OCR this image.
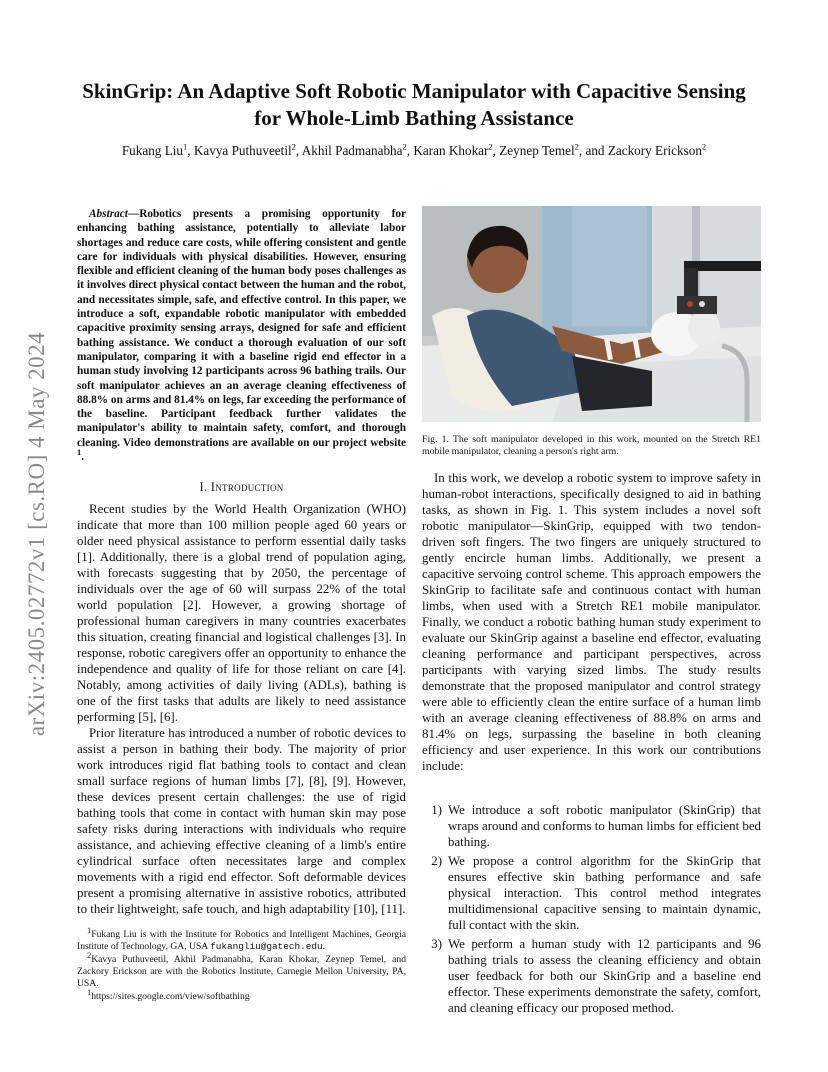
arXiv:2405.02772v1 [cs.RO] 4 May 2024
SkinGrip: An Adaptive Soft Robotic Manipulator with Capacitive Sensing for Whole-Limb Bathing Assistance

Fukang Liu$^1$, Kavya Puthuveetil$^2$, Akhil Padmanabha$^2$, Karan Khokar$^2$, Zeynep Temel$^2$, and Zackory Erickson$^2$

Abstract—Robotics presents a promising opportunity for enhancing bathing assistance, potentially to alleviate labor shortages and reduce care costs, while offering consistent and gentle care for individuals with physical disabilities. However, ensuring flexible and efficient cleaning of the human body poses challenges as it involves direct physical contact between the human and the robot, and necessitates simple, safe, and effective control. In this paper, we introduce a soft, expandable robotic manipulator with embedded capacitive proximity sensing arrays, designed for safe and efficient bathing assistance. We conduct a thorough evaluation of our soft manipulator, comparing it with a baseline rigid end effector in a human study involving 12 participants across 96 bathing trails. Our soft manipulator achieves an an average cleaning effectiveness of 88.8% on arms and 81.4% on legs, far exceeding the performance of the baseline. Participant feedback further validates the manipulator's ability to maintain safety, comfort, and thorough cleaning. Video demonstrations are available on our project website $^1$.

I. Introduction

Recent studies by the World Health Organization (WHO) indicate that more than 100 million people aged 60 years or older need physical assistance to perform essential daily tasks [1]. Additionally, there is a global trend of population aging, with forecasts suggesting that by 2050, the percentage of individuals over the age of 60 will surpass 22% of the total world population [2]. However, a growing shortage of professional human caregivers in many countries exacerbates this situation, creating financial and logistical challenges [3]. In response, robotic caregivers offer an opportunity to enhance the independence and quality of life for those reliant on care [4]. Notably, among activities of daily living (ADLs), bathing is one of the first tasks that adults are likely to need assistance performing [5], [6].

Prior literature has introduced a number of robotic devices to assist a person in bathing their body. The majority of prior work introduces rigid flat bathing tools to contact and clean small surface regions of human limbs [7], [8], [9]. However, these devices present certain challenges: the use of rigid bathing tools that come in contact with human skin may pose safety risks during interactions with individuals who require assistance, and achieving effective cleaning of a limb's entire cylindrical surface often necessitates large and complex movements with a rigid end effector. Soft deformable devices present a promising alternative in assistive robotics, attributed to their lightweight, safe touch, and high adaptability [10], [11].

$^1$Fukang Liu is with the Institute for Robotics and Intelligent Machines, Georgia Institute of Technology, GA, USA fukangliu@gatech.edu.

$^2$Kavya Puthuveetil, Akhil Padmanabha, Karan Khokar, Zeynep Temel, and Zackory Erickson are with the Robotics Institute, Carnegie Mellon University, PA, USA.

$^1$https://sites.google.com/view/softbathing

Fig. 1. The soft manipulator developed in this work, mounted on the Stretch RE1 mobile manipulator, cleaning a person's right arm.

In this work, we develop a robotic system to improve safety in human-robot interactions, specifically designed to aid in bathing tasks, as shown in Fig. 1. This system includes a novel soft robotic manipulator—SkinGrip, equipped with two tendon-driven soft fingers. The two fingers are uniquely structured to gently encircle human limbs. Additionally, we present a capacitive servoing control scheme. This approach empowers the SkinGrip to facilitate safe and continuous contact with human limbs, when used with a Stretch RE1 mobile manipulator. Finally, we conduct a robotic bathing human study experiment to evaluate our SkinGrip against a baseline end effector, evaluating cleaning performance and participant perspectives, across participants with varying sized limbs. The study results demonstrate that the proposed manipulator and control strategy were able to efficiently clean the entire surface of a human limb with an average cleaning effectiveness of 88.8% on arms and 81.4% on legs, surpassing the baseline in both cleaning efficiency and user experience. In this work our contributions include:

1) We introduce a soft robotic manipulator (SkinGrip) that wraps around and conforms to human limbs for efficient bed bathing.
2) We propose a control algorithm for the SkinGrip that ensures effective skin bathing performance and safe physical interaction. This control method integrates multidimensional capacitive sensing to maintain dynamic, full contact with the skin.
3) We perform a human study with 12 participants and 96 bathing trials to assess the cleaning efficiency and obtain user feedback for both our SkinGrip and a baseline end effector. These experiments demonstrate the safety, comfort, and cleaning efficacy our proposed method.
